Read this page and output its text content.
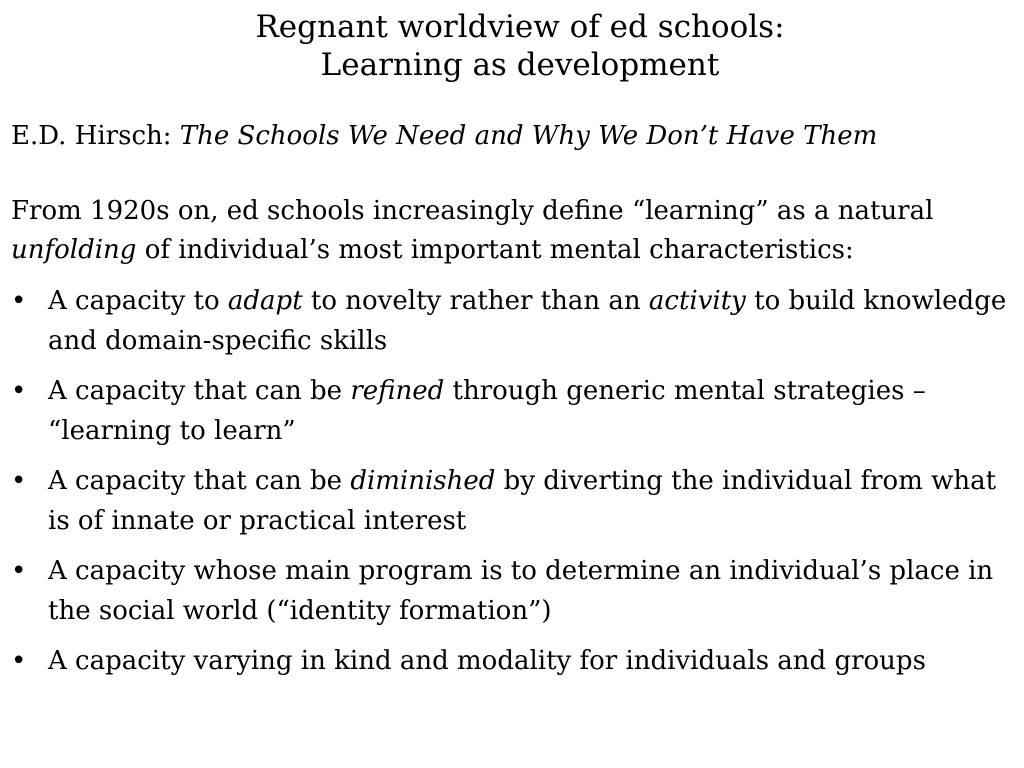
Regnant worldview of ed schools:
Learning as development
E.D. Hirsch: The Schools We Need and Why We Don’t Have Them
From 1920s on, ed schools increasingly define “learning” as a natural unfolding of individual’s most important mental characteristics:
• A capacity to adapt to novelty rather than an activity to build knowledge and domain-specific skills
• A capacity that can be refined through generic mental strategies – “learning to learn”
• A capacity that can be diminished by diverting the individual from what is of innate or practical interest
• A capacity whose main program is to determine an individual’s place in the social world (“identity formation”)
• A capacity varying in kind and modality for individuals and groups
